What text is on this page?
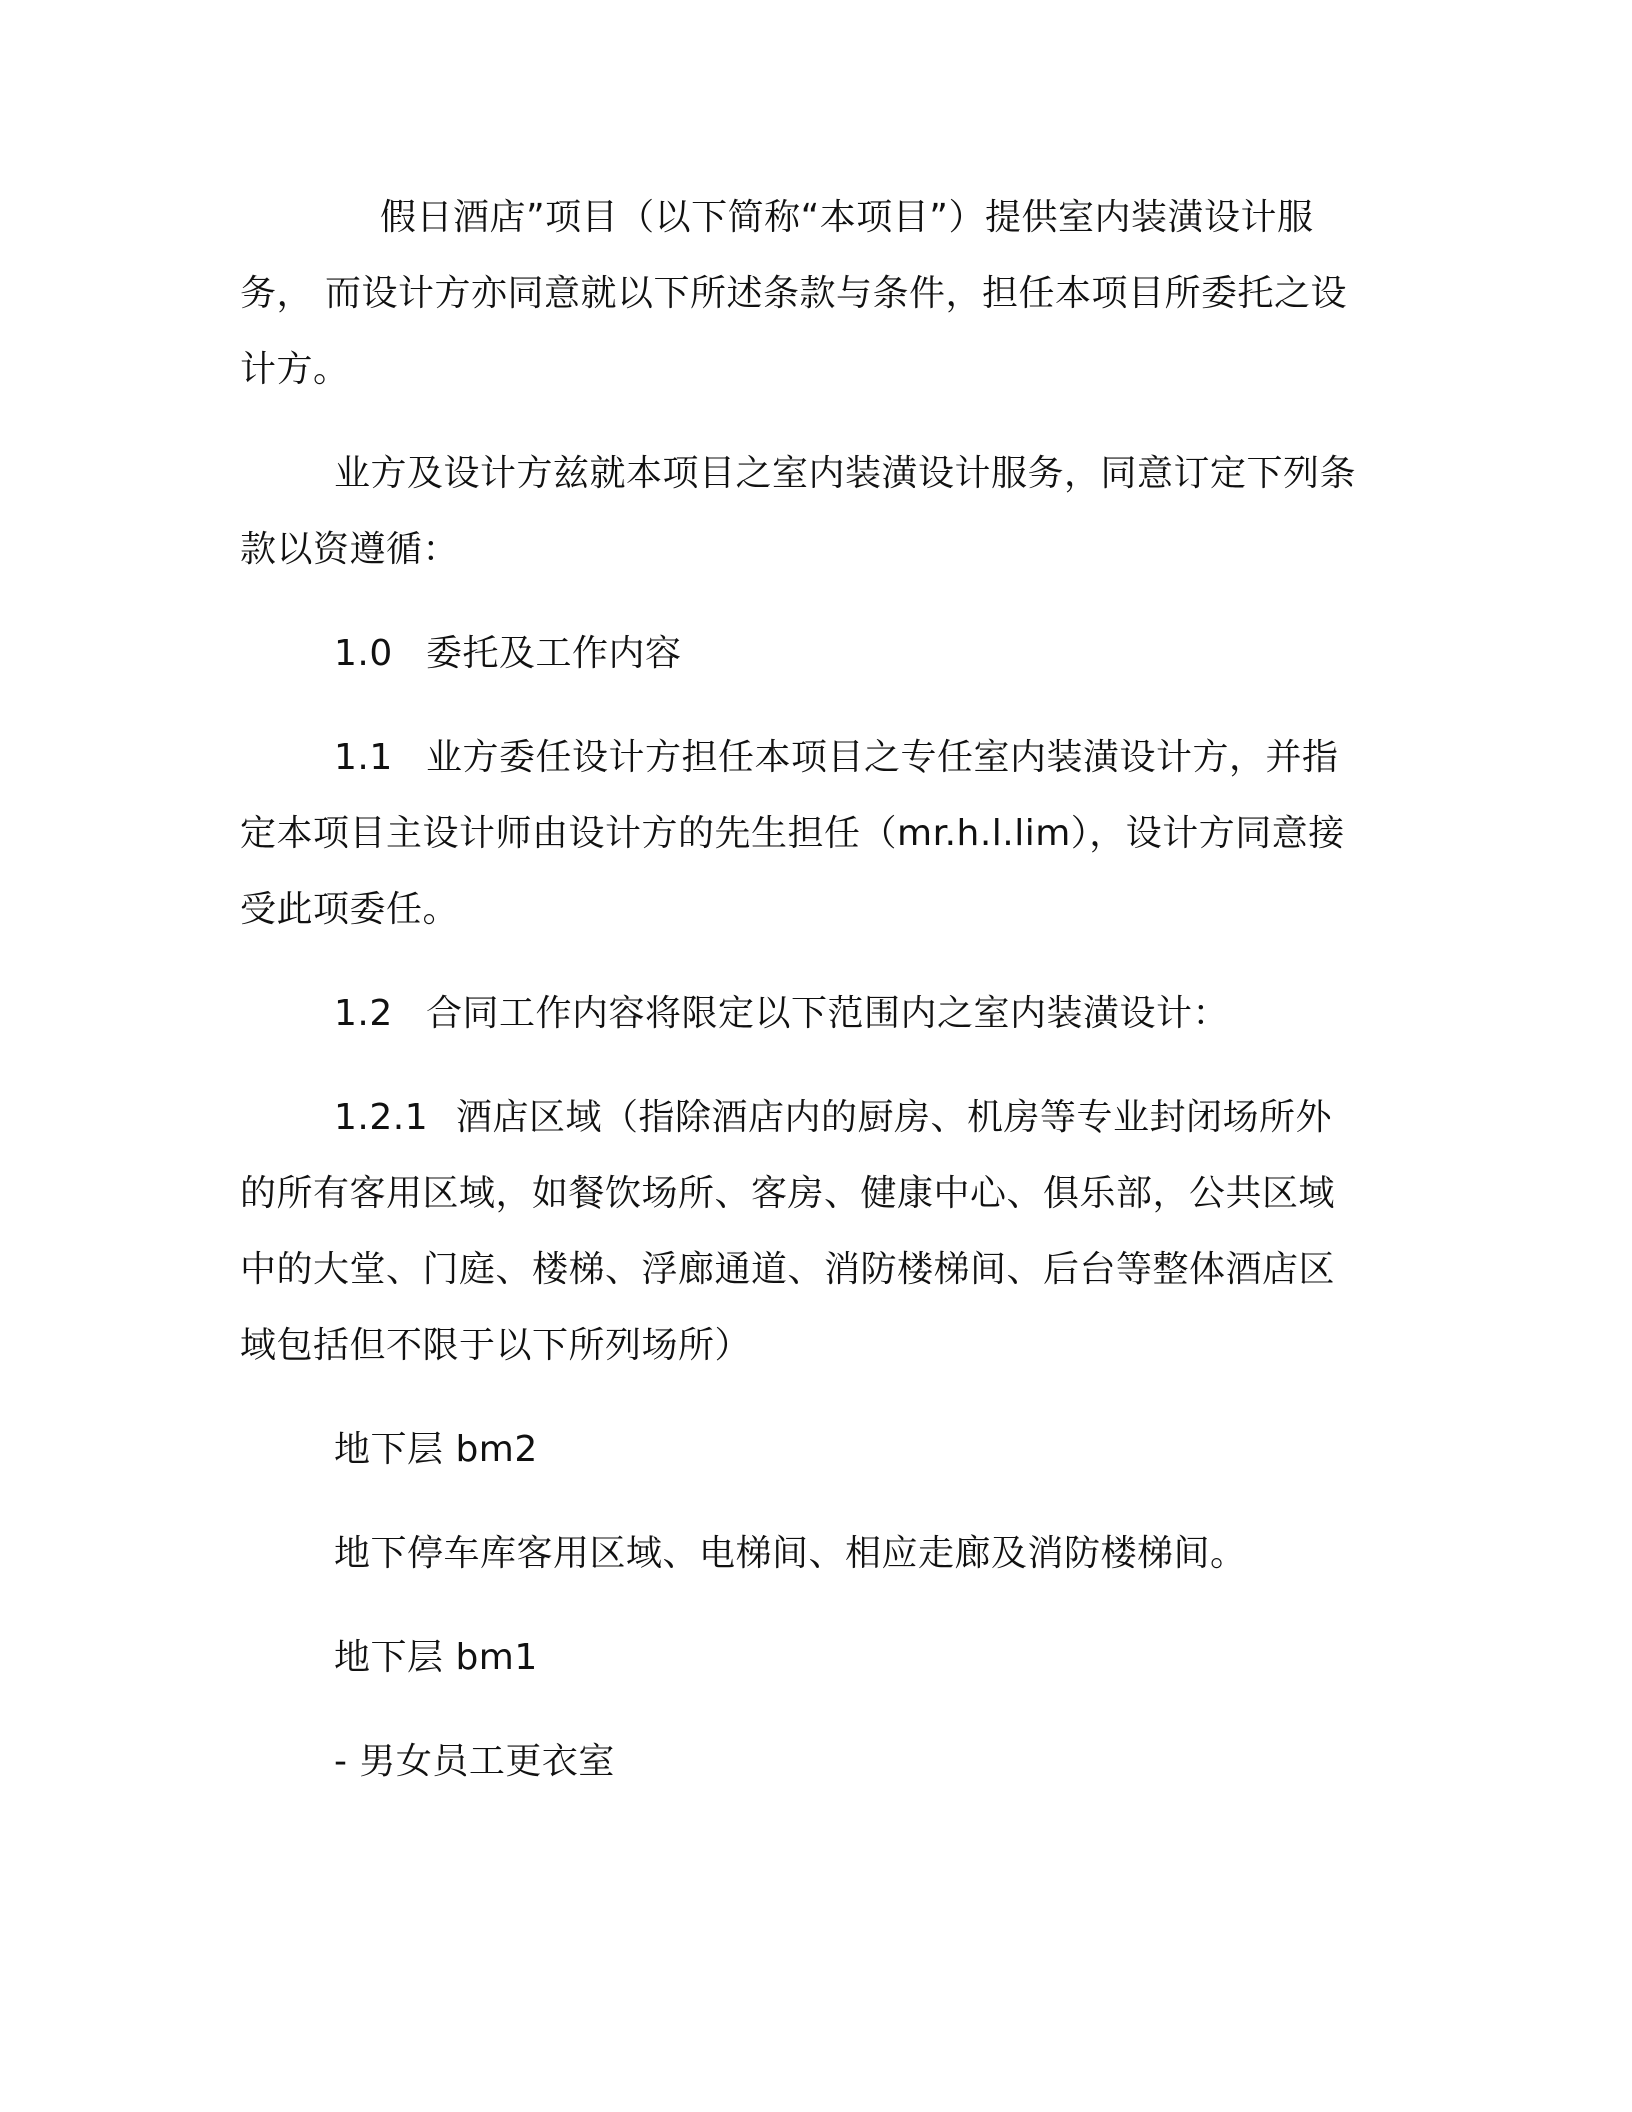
假日酒店”项目（以下简称“本项目”）提供室内装潢设计服
务， 而设计方亦同意就以下所述条款与条件，担任本项目所委托之设
计方。
业方及设计方兹就本项目之室内装潢设计服务，同意订定下列条
款以资遵循：
1.0 委托及工作内容
1.1 业方委任设计方担任本项目之专任室内装潢设计方，并指
定本项目主设计师由设计方的先生担任（mr.h.l.lim），设计方同意接
受此项委任。
1.2 合同工作内容将限定以下范围内之室内装潢设计：
1.2.1 酒店区域（指除酒店内的厨房、机房等专业封闭场所外
的所有客用区域，如餐饮场所、客房、健康中心、俱乐部，公共区域
中的大堂、门庭、楼梯、浮廊通道、消防楼梯间、后台等整体酒店区
域包括但不限于以下所列场所）
地下层 bm2
地下停车库客用区域、电梯间、相应走廊及消防楼梯间。
地下层 bm1
- 男女员工更衣室
